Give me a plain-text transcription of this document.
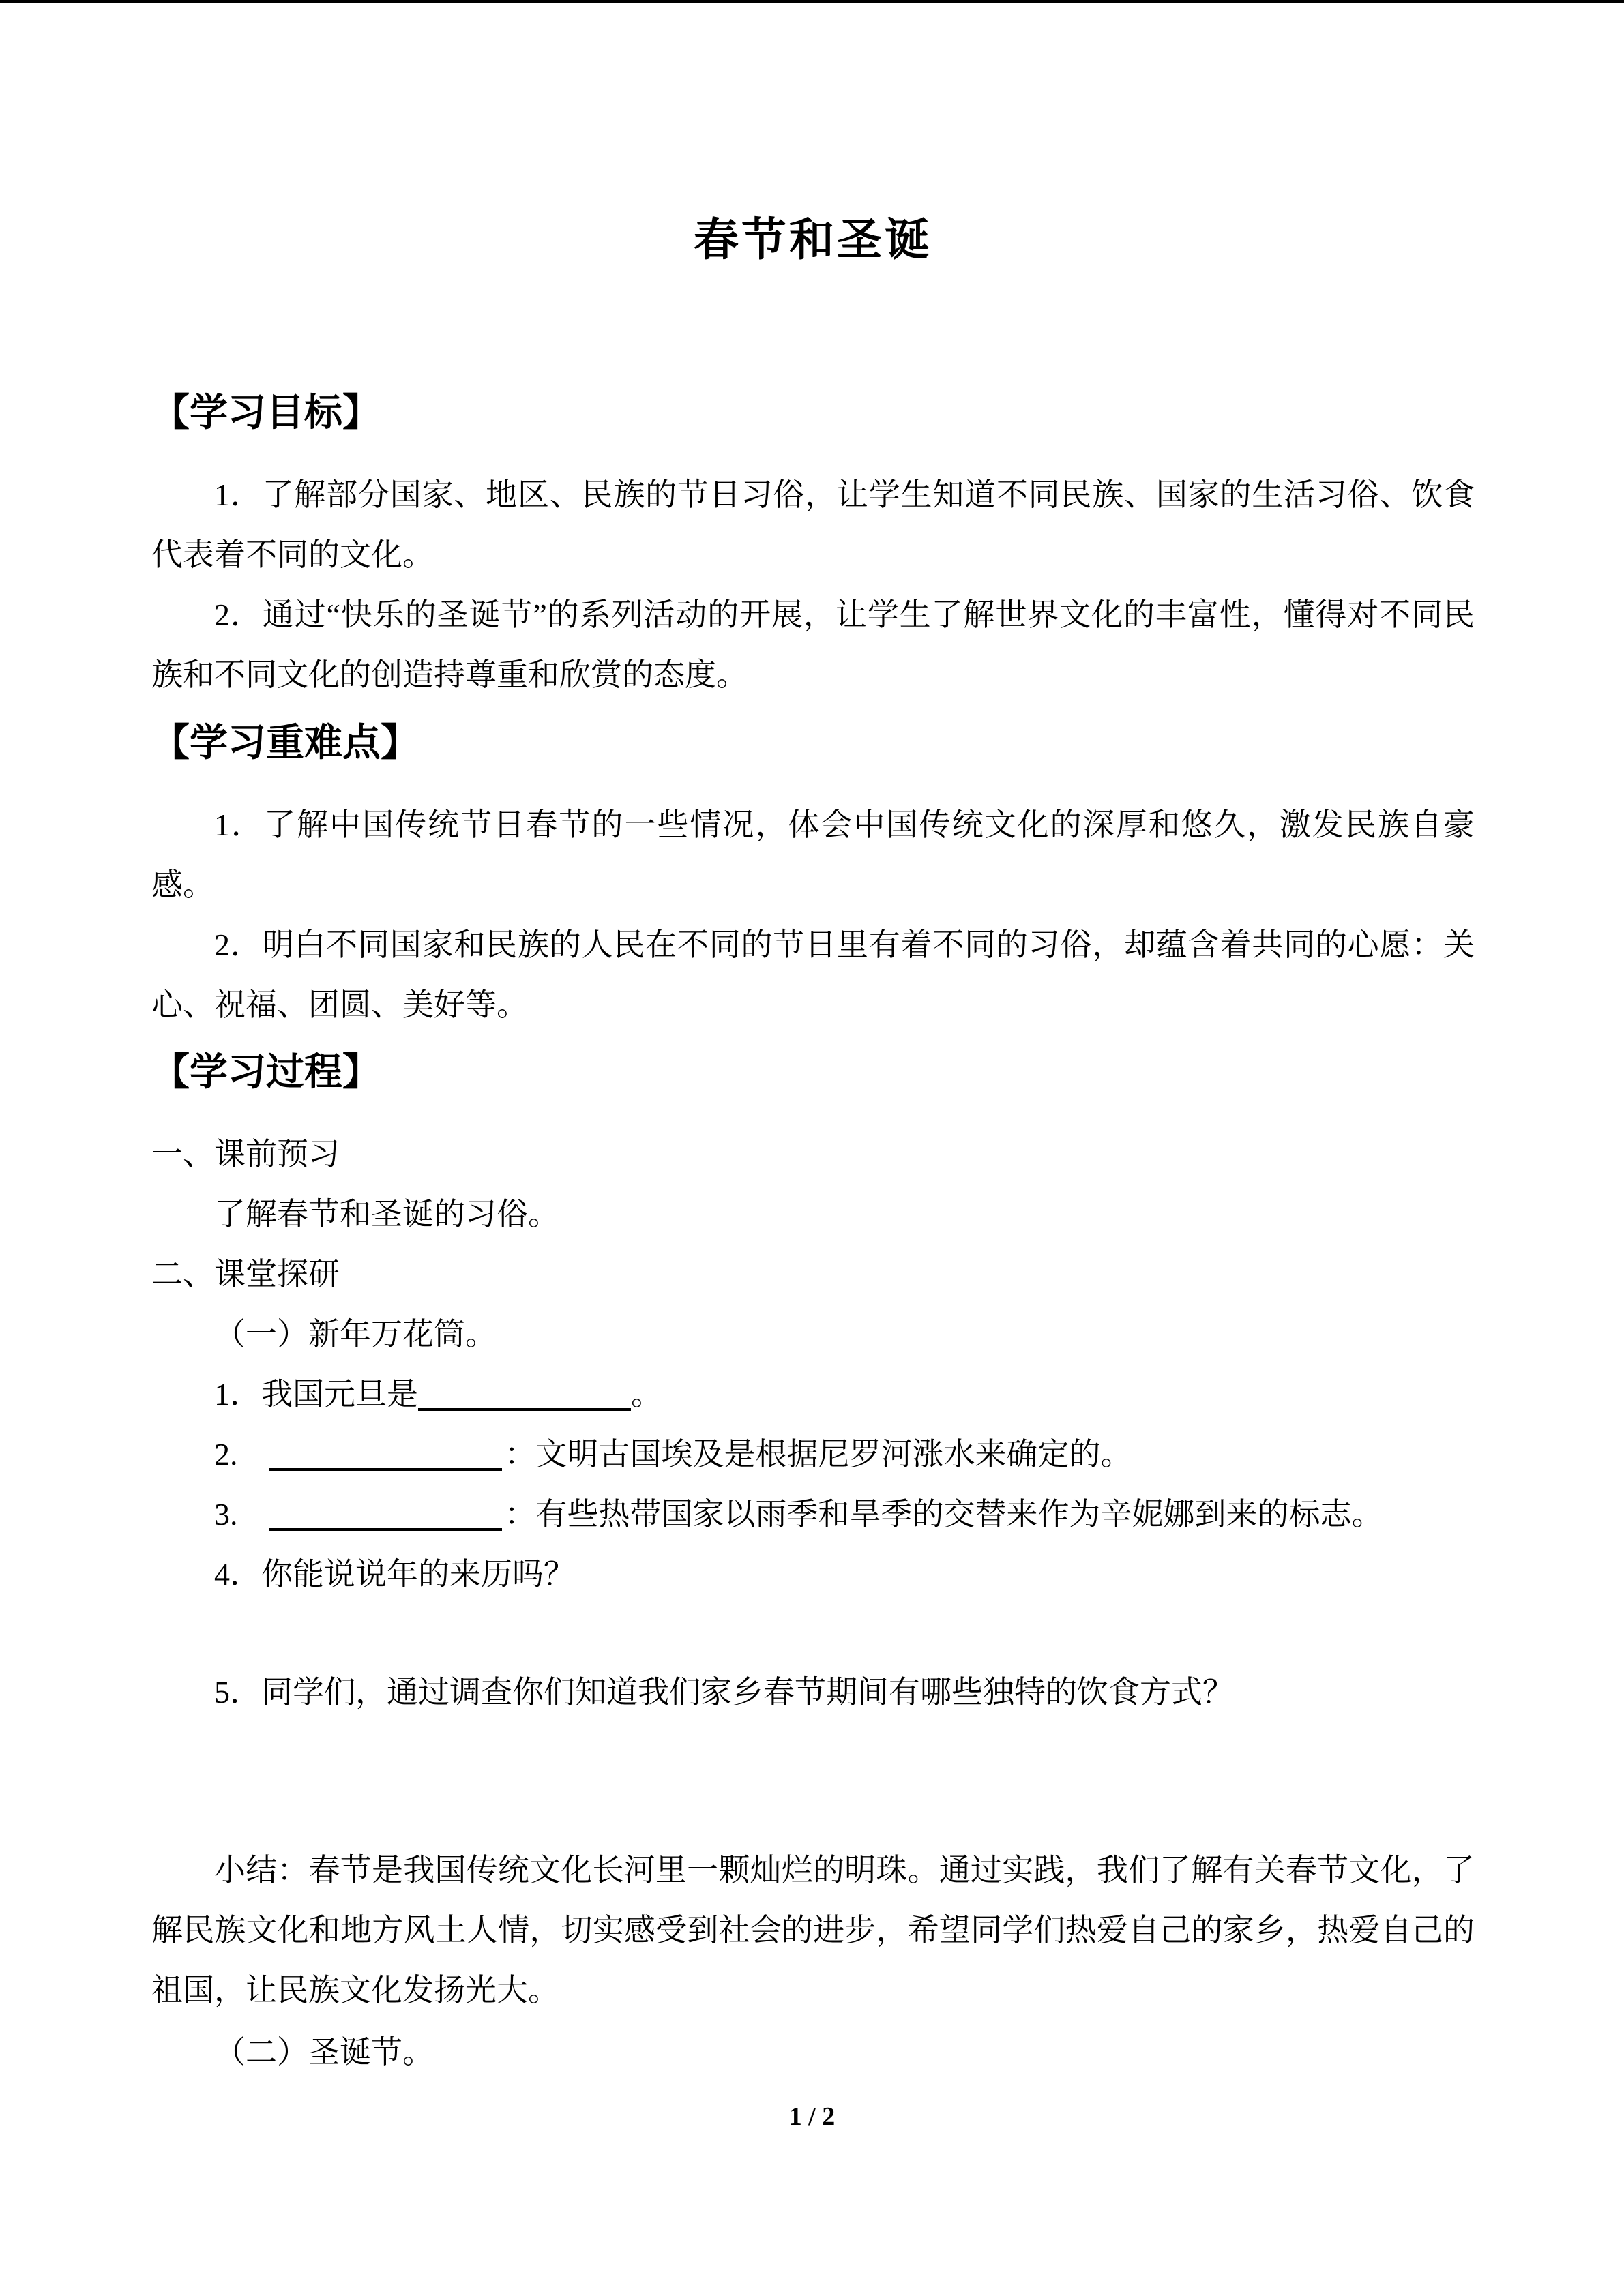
春节和圣诞
【学习目标】
1．了解部分国家、地区、民族的节日习俗，让学生知道不同民族、国家的生活习俗、饮食代表着不同的文化。
2．通过“快乐的圣诞节”的系列活动的开展，让学生了解世界文化的丰富性，懂得对不同民族和不同文化的创造持尊重和欣赏的态度。
【学习重难点】
1．了解中国传统节日春节的一些情况，体会中国传统文化的深厚和悠久，激发民族自豪感。
2．明白不同国家和民族的人民在不同的节日里有着不同的习俗，却蕴含着共同的心愿：关心、祝福、团圆、美好等。
【学习过程】
一、课前预习
了解春节和圣诞的习俗。
二、课堂探研
（一）新年万花筒。
1．我国元旦是	。
2.	：文明古国埃及是根据尼罗河涨水来确定的。
3.	：有些热带国家以雨季和旱季的交替来作为辛妮娜到来的标志。
4．你能说说年的来历吗？
5．同学们，通过调查你们知道我们家乡春节期间有哪些独特的饮食方式？
小结：春节是我国传统文化长河里一颗灿烂的明珠。通过实践，我们了解有关春节文化，了解民族文化和地方风土人情，切实感受到社会的进步，希望同学们热爱自己的家乡，热爱自己的祖国，让民族文化发扬光大。
（二）圣诞节。
1 / 2
